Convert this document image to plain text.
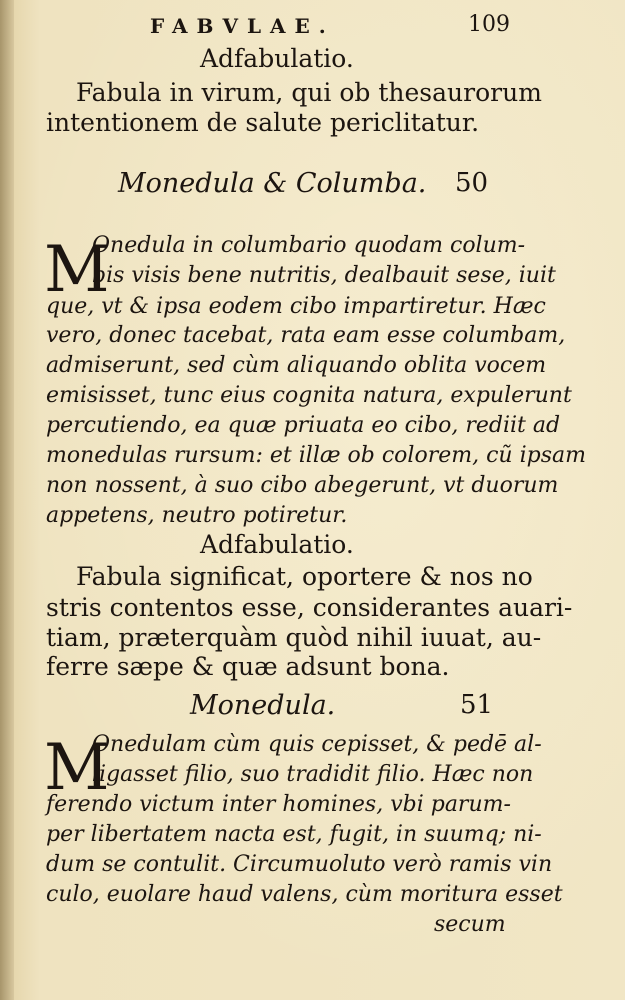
FABVLAE.	109
Adfabulatio.
Fabula in virum, qui ob thesaurorum
intentionem de salute periclitatur.
Monedula & Columba. 50
M
Onedula in columbario quodam colum-
bis visis bene nutritis, dealbauit sese, iuit
que, vt & ipsa eodem cibo impartiretur. Hæc
vero, donec tacebat, rata eam esse columbam,
admiserunt, sed cùm aliquando oblita vocem
emisisset, tunc eius cognita natura, expulerunt
percutiendo, ea quæ priuata eo cibo, rediit ad
monedulas rursum: et illæ ob colorem, cũ ipsam
non nossent, à suo cibo abegerunt, vt duorum
appetens, neutro potiretur.
Adfabulatio.
Fabula significat, oportere & nos no
stris contentos esse, considerantes auari-
tiam, præterquàm quòd nihil iuuat, au-
ferre sæpe & quæ adsunt bona.
Monedula.	51
M
Onedulam cùm quis cepisset, & pedē al-
ligasset filio, suo tradidit filio. Hæc non
ferendo victum inter homines, vbi parum-
per libertatem nacta est, fugit, in suumq; ni-
dum se contulit. Circumuoluto verò ramis vin
culo, euolare haud valens, cùm moritura esset
secum
